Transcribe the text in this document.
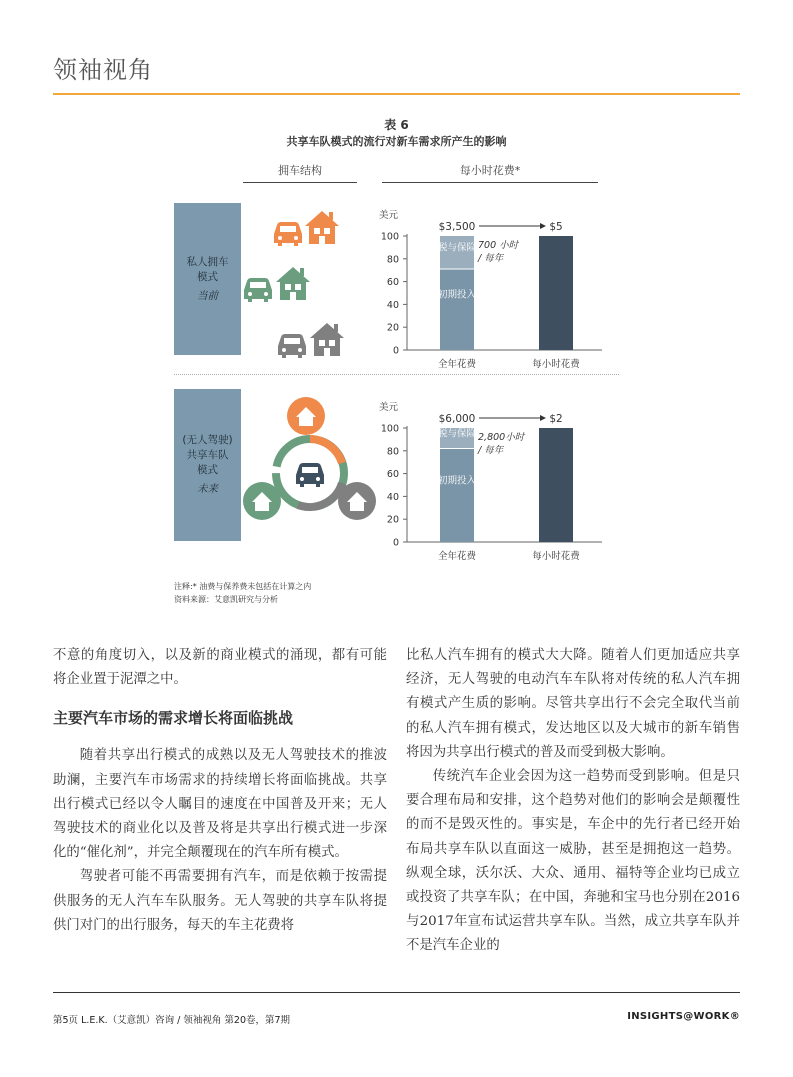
领袖视角
表 6
共享车队模式的流行对新车需求所产生的影响
拥车结构	每小时花费*
私人拥车
模式
当前
(无人驾驶)
共享车队
模式
未来
美元
0
20
40
60
80
100
税与保险
初期投入
$3,500	$5
700 小时
/ 每年
全年花费	每小时花费
美元
0
20
40
60
80
100	税与保险
初期投入
$6,000	$2
2,800小时
/ 每年
全年花费	每小时花费
注释:* 油费与保养费未包括在计算之内
资料来源：艾意凯研究与分析

不意的角度切入，以及新的商业模式的涌现，都有可能将企业置于泥潭之中。

主要汽车市场的需求增长将面临挑战

随着共享出行模式的成熟以及无人驾驶技术的推波助澜，主要汽车市场需求的持续增长将面临挑战。共享出行模式已经以令人瞩目的速度在中国普及开来；无人驾驶技术的商业化以及普及将是共享出行模式进一步深化的“催化剂”，并完全颠覆现在的汽车所有模式。

驾驶者可能不再需要拥有汽车，而是依赖于按需提供服务的无人汽车车队服务。无人驾驶的共享车队将提供门对门的出行服务，每天的车主花费将

比私人汽车拥有的模式大大降。随着人们更加适应共享经济，无人驾驶的电动汽车车队将对传统的私人汽车拥有模式产生质的影响。尽管共享出行不会完全取代当前的私人汽车拥有模式，发达地区以及大城市的新车销售将因为共享出行模式的普及而受到极大影响。

传统汽车企业会因为这一趋势而受到影响。但是只要合理布局和安排，这个趋势对他们的影响会是颠覆性的而不是毁灭性的。事实是，车企中的先行者已经开始布局共享车队以直面这一威胁，甚至是拥抱这一趋势。纵观全球，沃尔沃、大众、通用、福特等企业均已成立或投资了共享车队；在中国，奔驰和宝马也分别在2016与2017年宣布试运营共享车队。当然，成立共享车队并不是汽车企业的

第5页 L.E.K.（艾意凯）咨询 / 领袖视角 第20卷，第7期	INSIGHTS@WORK®
